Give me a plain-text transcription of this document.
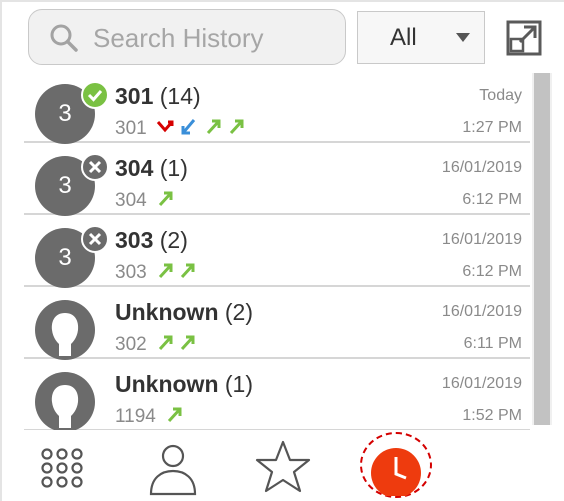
Search History
All
3
301 (14)
301
Today
1:27 PM
3
304 (1)
304
16/01/2019
6:12 PM
3
303 (2)
303
16/01/2019
6:12 PM
Unknown (2)
302
16/01/2019
6:11 PM
Unknown (1)
1194
16/01/2019
1:52 PM
